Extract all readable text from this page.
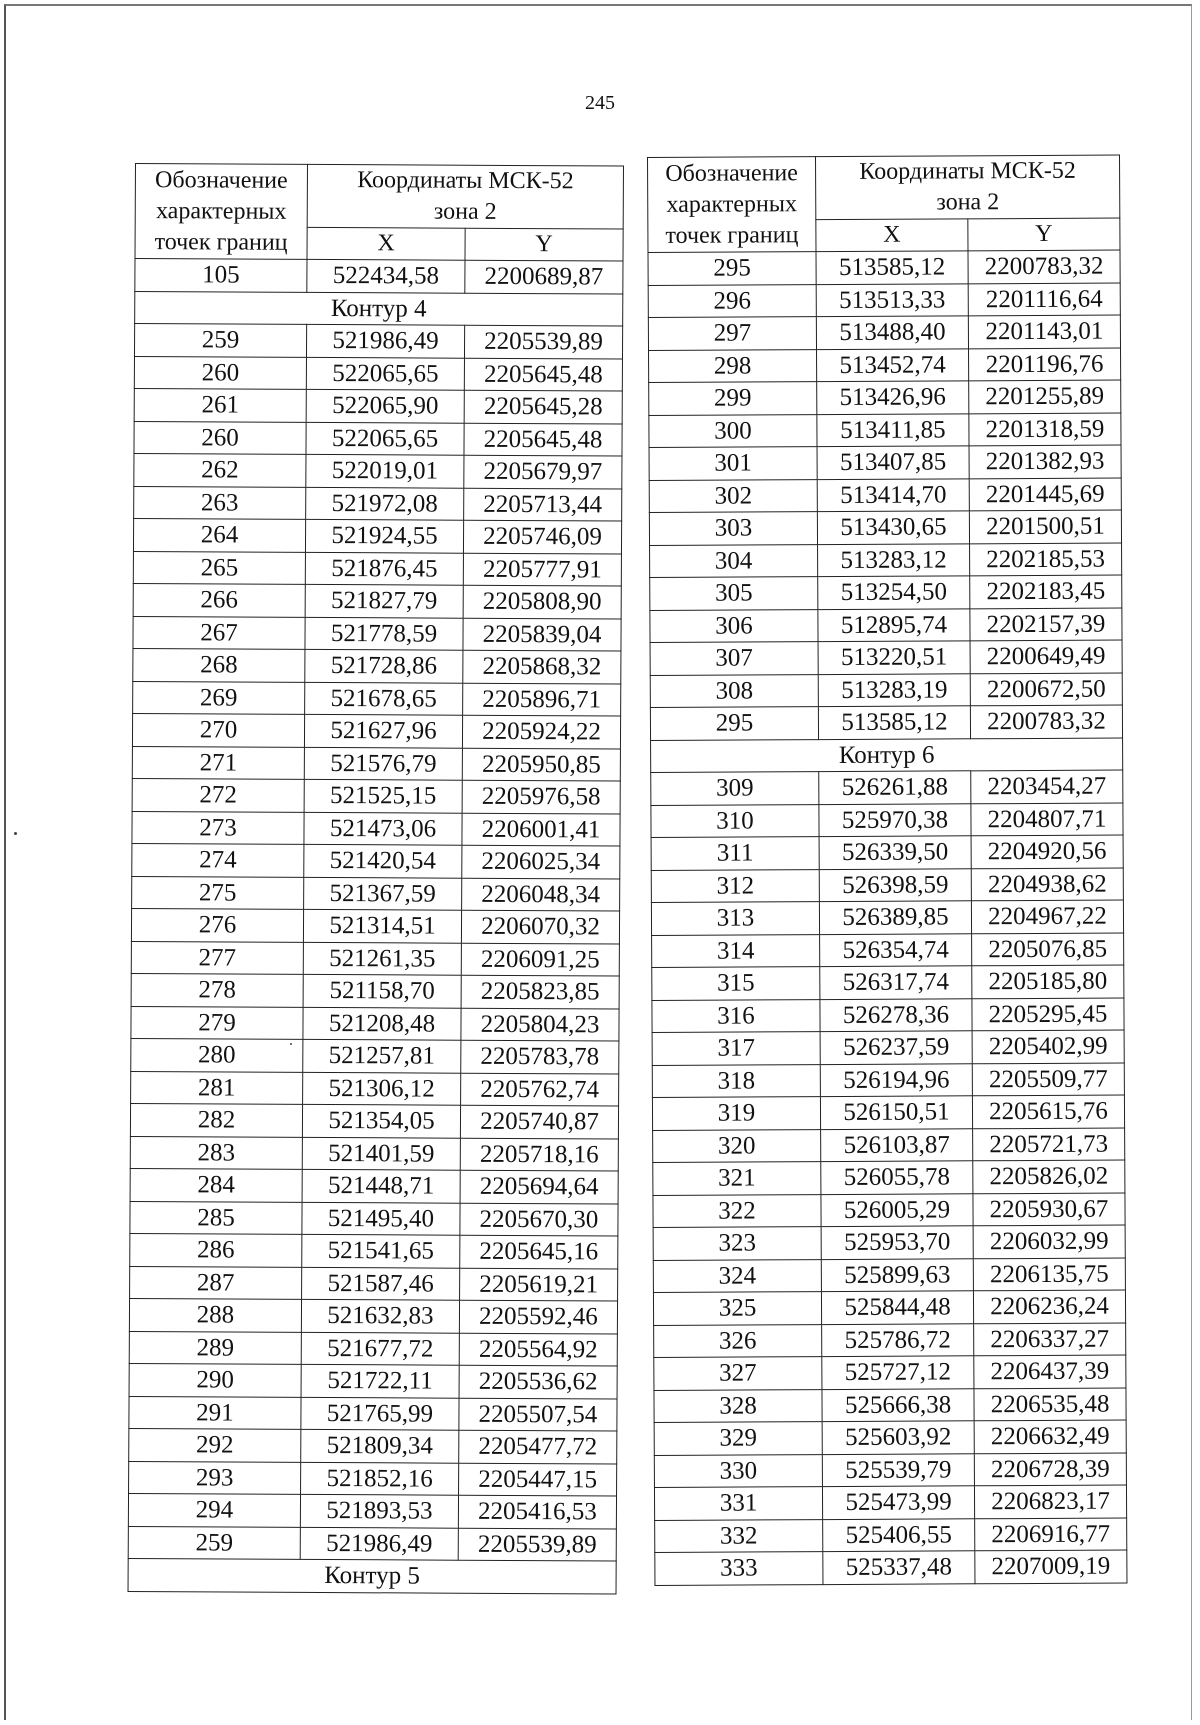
245
Обозначение характерных точек границ	Координаты МСК-52
зона 2	
	X	Y
105	522434,58	2200689,87
Контур 4		
259	521986,49	2205539,89
260	522065,65	2205645,48
261	522065,90	2205645,28
260	522065,65	2205645,48
262	522019,01	2205679,97
263	521972,08	2205713,44
264	521924,55	2205746,09
265	521876,45	2205777,91
266	521827,79	2205808,90
267	521778,59	2205839,04
268	521728,86	2205868,32
269	521678,65	2205896,71
270	521627,96	2205924,22
271	521576,79	2205950,85
272	521525,15	2205976,58
273	521473,06	2206001,41
274	521420,54	2206025,34
275	521367,59	2206048,34
276	521314,51	2206070,32
277	521261,35	2206091,25
278	521158,70	2205823,85
279	521208,48	2205804,23
280	521257,81	2205783,78
281	521306,12	2205762,74
282	521354,05	2205740,87
283	521401,59	2205718,16
284	521448,71	2205694,64
285	521495,40	2205670,30
286	521541,65	2205645,16
287	521587,46	2205619,21
288	521632,83	2205592,46
289	521677,72	2205564,92
290	521722,11	2205536,62
291	521765,99	2205507,54
292	521809,34	2205477,72
293	521852,16	2205447,15
294	521893,53	2205416,53
259	521986,49	2205539,89
Контур 5		
Обозначение характерных точек границ	Координаты МСК-52
зона 2	
	X	Y
295	513585,12	2200783,32
296	513513,33	2201116,64
297	513488,40	2201143,01
298	513452,74	2201196,76
299	513426,96	2201255,89
300	513411,85	2201318,59
301	513407,85	2201382,93
302	513414,70	2201445,69
303	513430,65	2201500,51
304	513283,12	2202185,53
305	513254,50	2202183,45
306	512895,74	2202157,39
307	513220,51	2200649,49
308	513283,19	2200672,50
295	513585,12	2200783,32
Контур 6		
309	526261,88	2203454,27
310	525970,38	2204807,71
311	526339,50	2204920,56
312	526398,59	2204938,62
313	526389,85	2204967,22
314	526354,74	2205076,85
315	526317,74	2205185,80
316	526278,36	2205295,45
317	526237,59	2205402,99
318	526194,96	2205509,77
319	526150,51	2205615,76
320	526103,87	2205721,73
321	526055,78	2205826,02
322	526005,29	2205930,67
323	525953,70	2206032,99
324	525899,63	2206135,75
325	525844,48	2206236,24
326	525786,72	2206337,27
327	525727,12	2206437,39
328	525666,38	2206535,48
329	525603,92	2206632,49
330	525539,79	2206728,39
331	525473,99	2206823,17
332	525406,55	2206916,77
333	525337,48	2207009,19
